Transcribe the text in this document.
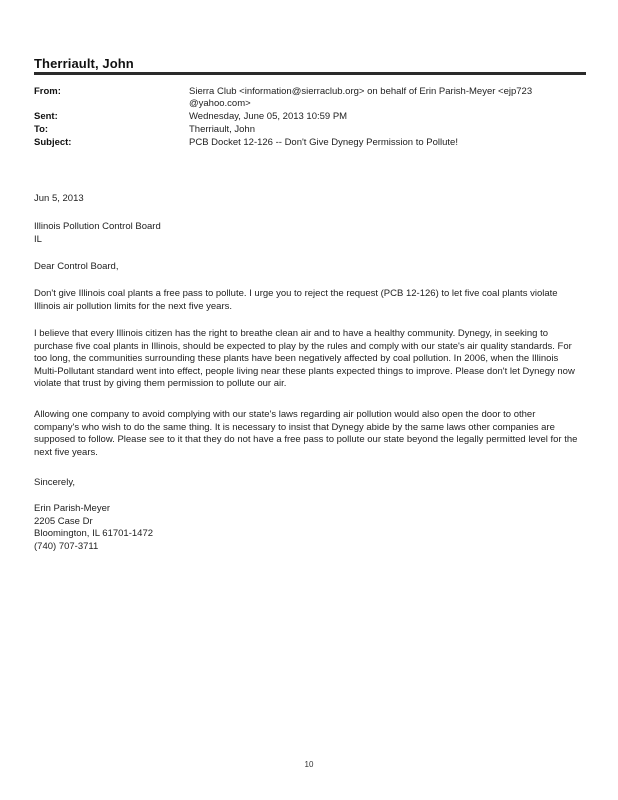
Therriault, John
From:	Sierra Club <information@sierraclub.org> on behalf of Erin Parish-Meyer <ejp723 @yahoo.com>
Sent:	Wednesday, June 05, 2013 10:59 PM
To:	Therriault, John
Subject:	PCB Docket 12-126 -- Don't Give Dynegy Permission to Pollute!
Jun 5, 2013

Illinois Pollution Control Board

IL

Dear Control Board,
Don't give Illinois coal plants a free pass to pollute. I urge you to reject the request (PCB 12-126) to let five coal plants violate Illinois air pollution limits for the next five years.
I believe that every Illinois citizen has the right to breathe clean air and to have a healthy community. Dynegy, in seeking to purchase five coal plants in Illinois, should be expected to play by the rules and comply with our state's air quality standards. For too long, the communities surrounding these plants have been negatively affected by coal pollution. In 2006, when the Illinois Multi-Pollutant standard went into effect, people living near these plants expected things to improve. Please don't let Dynegy now violate that trust by giving them permission to pollute our air.
Allowing one company to avoid complying with our state's laws regarding air pollution would also open the door to other company's who wish to do the same thing. It is necessary to insist that Dynegy abide by the same laws other companies are supposed to follow. Please see to it that they do not have a free pass to pollute our state beyond the legally permitted level for the next five years.
Sincerely,

Erin Parish-Meyer

2205 Case Dr

Bloomington, IL 61701-1472

(740) 707-3711

10
